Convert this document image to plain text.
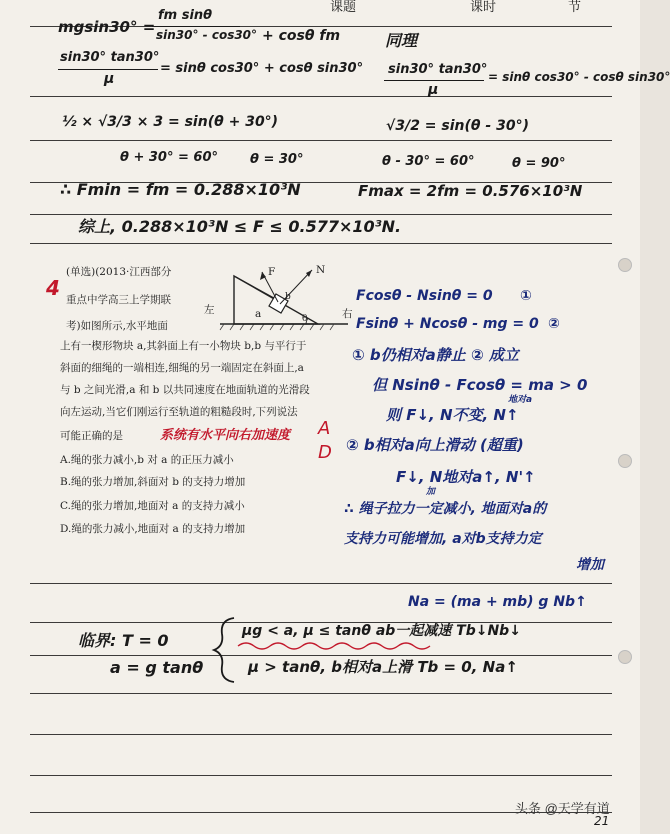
课题	课时	节
mgsin30° =
fm sinθ
sin30° - cos30° + cosθ fm	同理
sin30° tan30°
μ
= sinθ cos30° + cosθ sin30° sin30° tan30°
μ
= sinθ cos30° - cosθ sin30°
½ × √3/3 × 3 = sin(θ + 30°)	√3/2 = sin(θ - 30°)
θ + 30° = 60° θ = 30°	θ - 30° = 60°	θ = 90°
∴ Fmin = fm = 0.288×10³N	Fmax = 2fm = 0.576×10³N
综上, 0.288×10³N ≤ F ≤ 0.577×10³N.
4
(单选)(2013·江西部分
重点中学高三上学期联
考)如图所示,水平地面
上有一楔形物块 a,其斜面上有一小物块 b,b 与平行于
斜面的细绳的一端相连,细绳的另一端固定在斜面上,a
与 b 之间光滑,a 和 b 以共同速度在地面轨道的光滑段
向左运动,当它们刚运行至轨道的粗糙段时,下列说法
可能正确的是
A.绳的张力减小,b 对 a 的正压力减小
B.绳的张力增加,斜面对 b 的支持力增加
C.绳的张力增加,地面对 a 的支持力减小
D.绳的张力减小,地面对 a 的支持力增加
左	右
F	N
a
b
θ
系统有水平向右加速度 A
D
Fcosθ - Nsinθ = 0 ①
Fsinθ + Ncosθ - mg = 0 ②
① b仍相对a静止 ② 成立
但 Nsinθ - Fcosθ = ma > 0
则 F↓, N不变, N↑
地对a
② b相对a向上滑动 (超重)
F↓, N地对a↑, N'↑
加
∴ 绳子拉力一定减小, 地面对a的
支持力可能增加, a对b支持力定
增加
Na = (ma + mb) g Nb↑
临界: T = 0
a = g tanθ
μg < a, μ ≤ tanθ ab一起减速 Tb↓Nb↓
μ > tanθ, b相对a上滑 Tb = 0, Na↑
头条 @天学有道
21
